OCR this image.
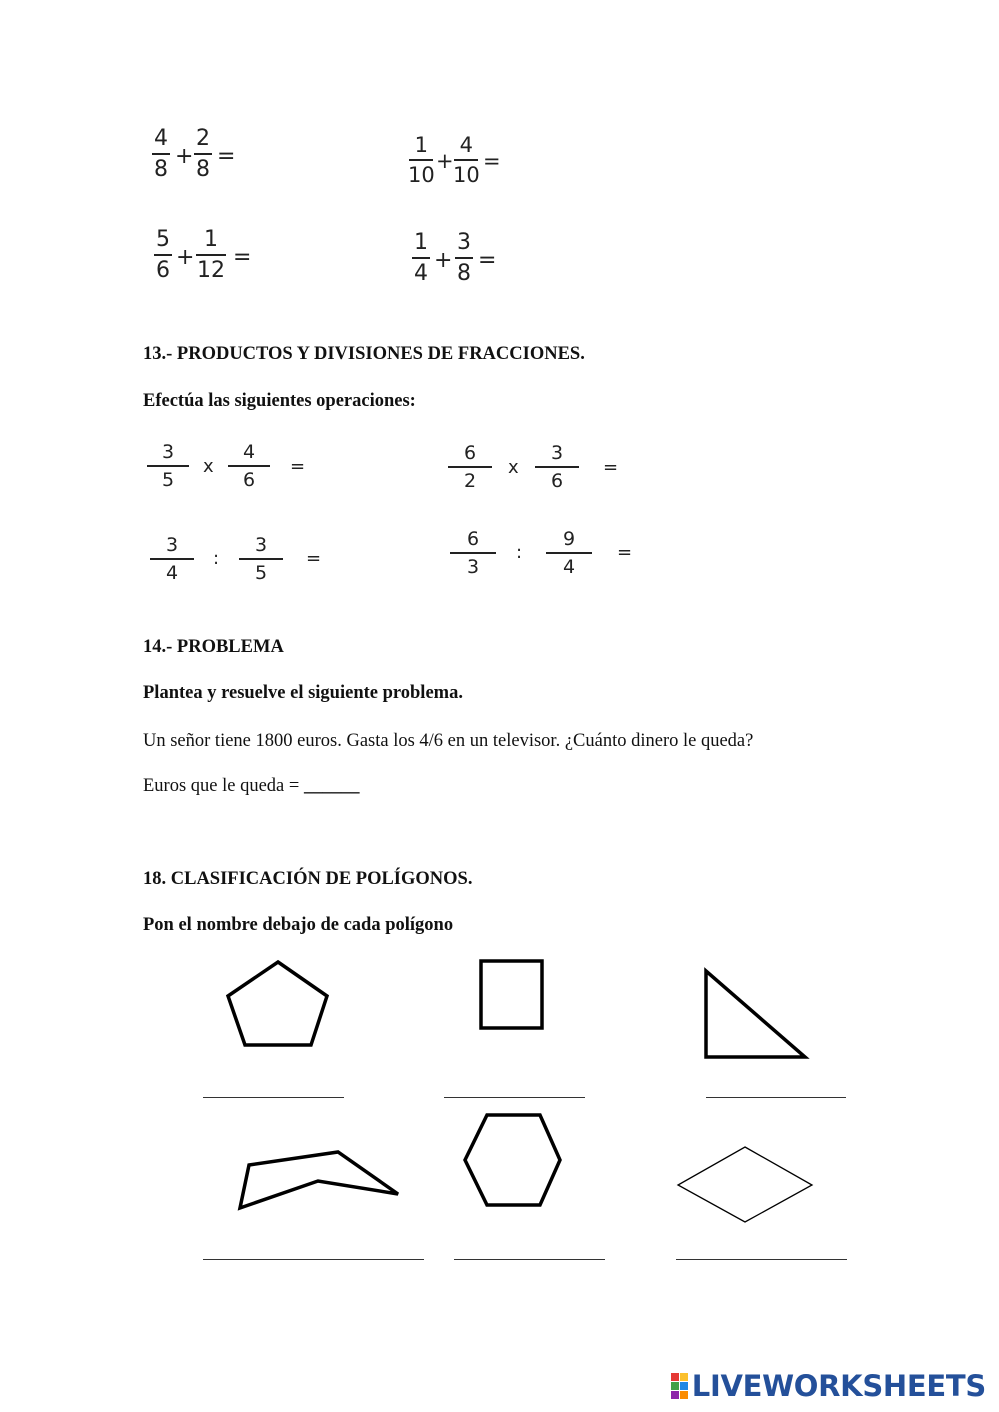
4
8
+
2
8
=	1
10
+
4
10
=
5
6
+
1
12
=
1
4
+
3
8
=
13.- PRODUCTOS Y DIVISIONES DE FRACCIONES.
Efectúa las siguientes operaciones:
3
5
x
4
6
=
6
2
x
3
6
=
3
4
:
3
5
=
6
3
:
9
4
=
14.- PROBLEMA
Plantea y resuelve el siguiente problema.
Un señor tiene 1800 euros. Gasta los 4/6 en un televisor. ¿Cuánto dinero le queda?
Euros que le queda = ______
18. CLASIFICACIÓN DE POLÍGONOS.
Pon el nombre debajo de cada polígono
LIVEWORKSHEETS
